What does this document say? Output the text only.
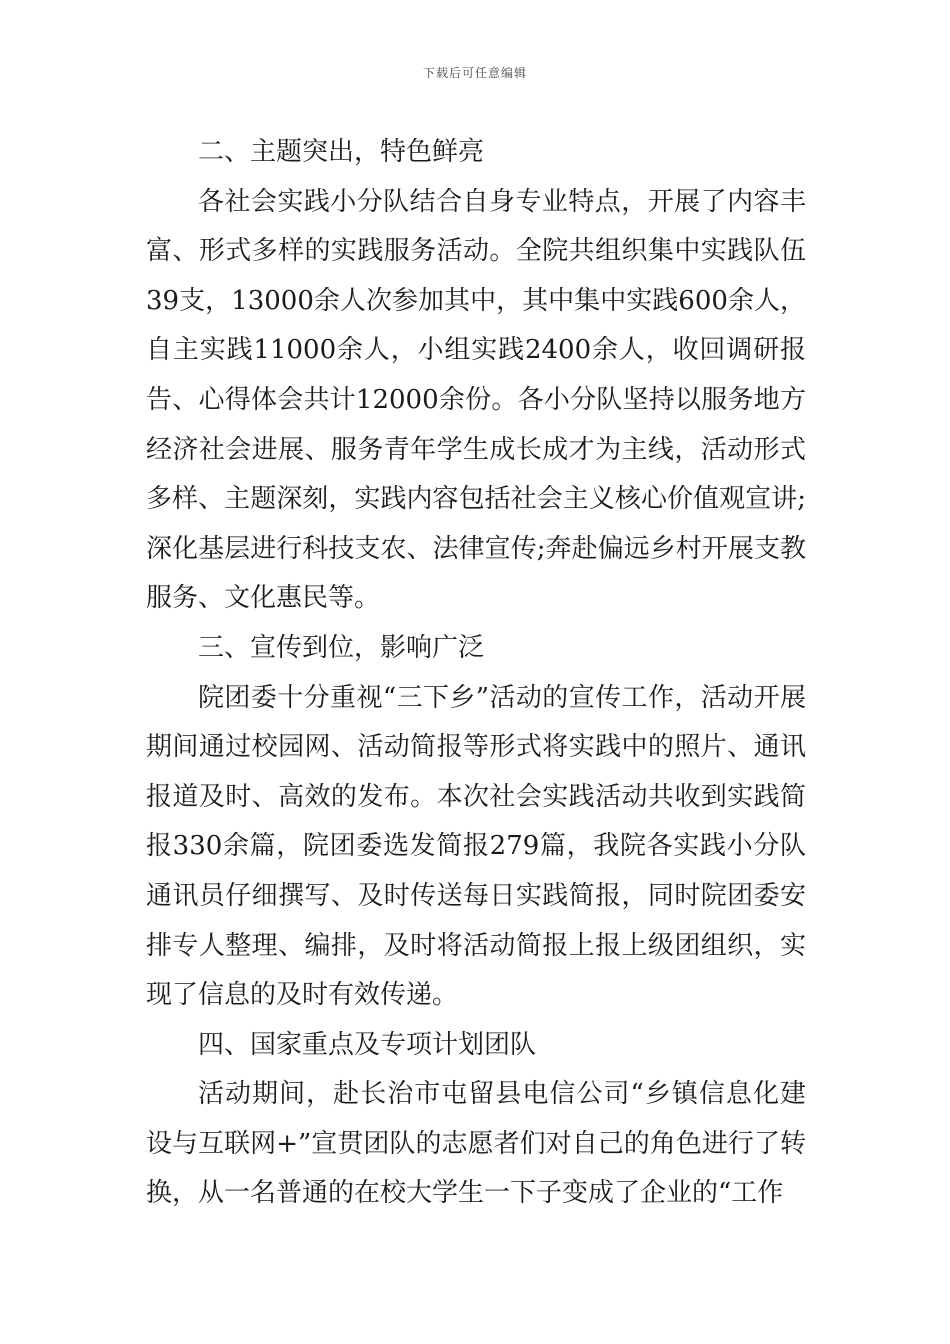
下载后可任意编辑

二、主题突出，特色鲜亮

各社会实践小分队结合自身专业特点，开展了内容丰富、形式多样的实践服务活动。全院共组织集中实践队伍39支，13000余人次参加其中，其中集中实践600余人，自主实践11000余人，小组实践2400余人，收回调研报告、心得体会共计12000余份。各小分队坚持以服务地方经济社会进展、服务青年学生成长成才为主线，活动形式多样、主题深刻，实践内容包括社会主义核心价值观宣讲;深化基层进行科技支农、法律宣传;奔赴偏远乡村开展支教服务、文化惠民等。

三、宣传到位，影响广泛

院团委十分重视“三下乡”活动的宣传工作，活动开展期间通过校园网、活动简报等形式将实践中的照片、通讯报道及时、高效的发布。本次社会实践活动共收到实践简报330余篇，院团委选发简报279篇，我院各实践小分队通讯员仔细撰写、及时传送每日实践简报，同时院团委安排专人整理、编排，及时将活动简报上报上级团组织，实现了信息的及时有效传递。

四、国家重点及专项计划团队

活动期间，赴长治市屯留县电信公司“乡镇信息化建设与互联网+”宣贯团队的志愿者们对自己的角色进行了转换，从一名普通的在校大学生一下子变成了企业的“工作
